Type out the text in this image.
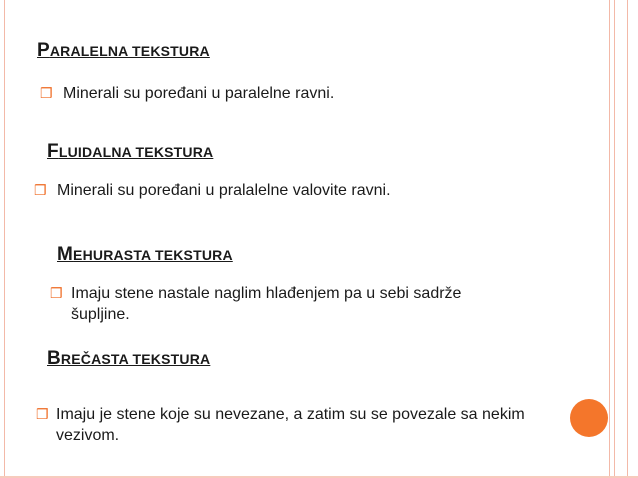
PARALELNA TEKSTURA
❒ Minerali su poređani u paralelne ravni.
FLUIDALNA TEKSTURA
❒ Minerali su poređani u pralalelne valovite ravni.
MEHURASTA TEKSTURA
❒ Imaju stene nastale naglim hlađenjem pa u sebi sadrže šupljine.
BREČASTA TEKSTURA
❒ Imaju je stene koje su nevezane, a zatim su se povezale sa nekim vezivom.
